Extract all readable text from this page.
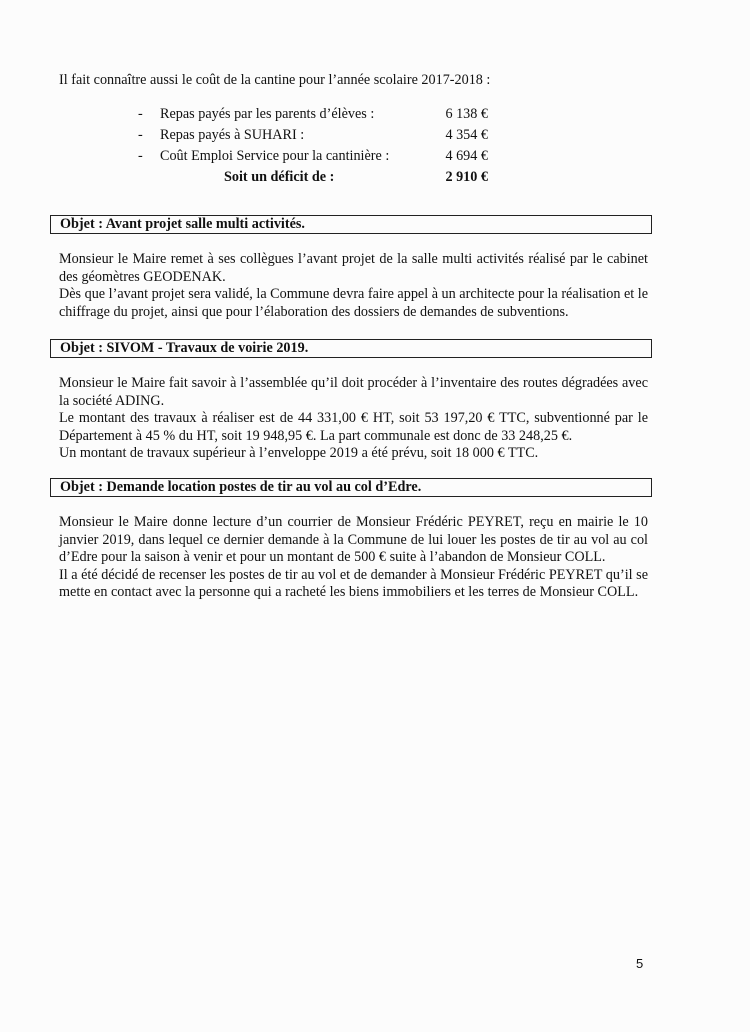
Il fait connaître aussi le coût de la cantine pour l’année scolaire 2017-2018 :
- Repas payés par les parents d’élèves :	6 138 €
- Repas payés à SUHARI :	4 354 €
- Coût Emploi Service pour la cantinière :	4 694 €
Soit un déficit de :	2 910 €
Objet : Avant projet salle multi activités.

Monsieur le Maire remet à ses collègues l’avant projet de la salle multi activités réalisé par le cabinet des géomètres GEODENAK.

Dès que l’avant projet sera validé, la Commune devra faire appel à un architecte pour la réalisation et le chiffrage du projet, ainsi que pour l’élaboration des dossiers de demandes de subventions.

Objet : SIVOM - Travaux de voirie 2019.

Monsieur le Maire fait savoir à l’assemblée qu’il doit procéder à l’inventaire des routes dégradées avec la société ADING.

Le montant des travaux à réaliser est de 44 331,00 € HT, soit 53 197,20 € TTC, subventionné par le Département à 45 % du HT, soit 19 948,95 €. La part communale est donc de 33 248,25 €.

Un montant de travaux supérieur à l’enveloppe 2019 a été prévu, soit 18 000 € TTC.

Objet : Demande location postes de tir au vol au col d’Edre.

Monsieur le Maire donne lecture d’un courrier de Monsieur Frédéric PEYRET, reçu en mairie le 10 janvier 2019, dans lequel ce dernier demande à la Commune de lui louer les postes de tir au vol au col d’Edre pour la saison à venir et pour un montant de 500 € suite à l’abandon de Monsieur COLL.

Il a été décidé de recenser les postes de tir au vol et de demander à Monsieur Frédéric PEYRET qu’il se mette en contact avec la personne qui a racheté les biens immobiliers et les terres de Monsieur COLL.

5
